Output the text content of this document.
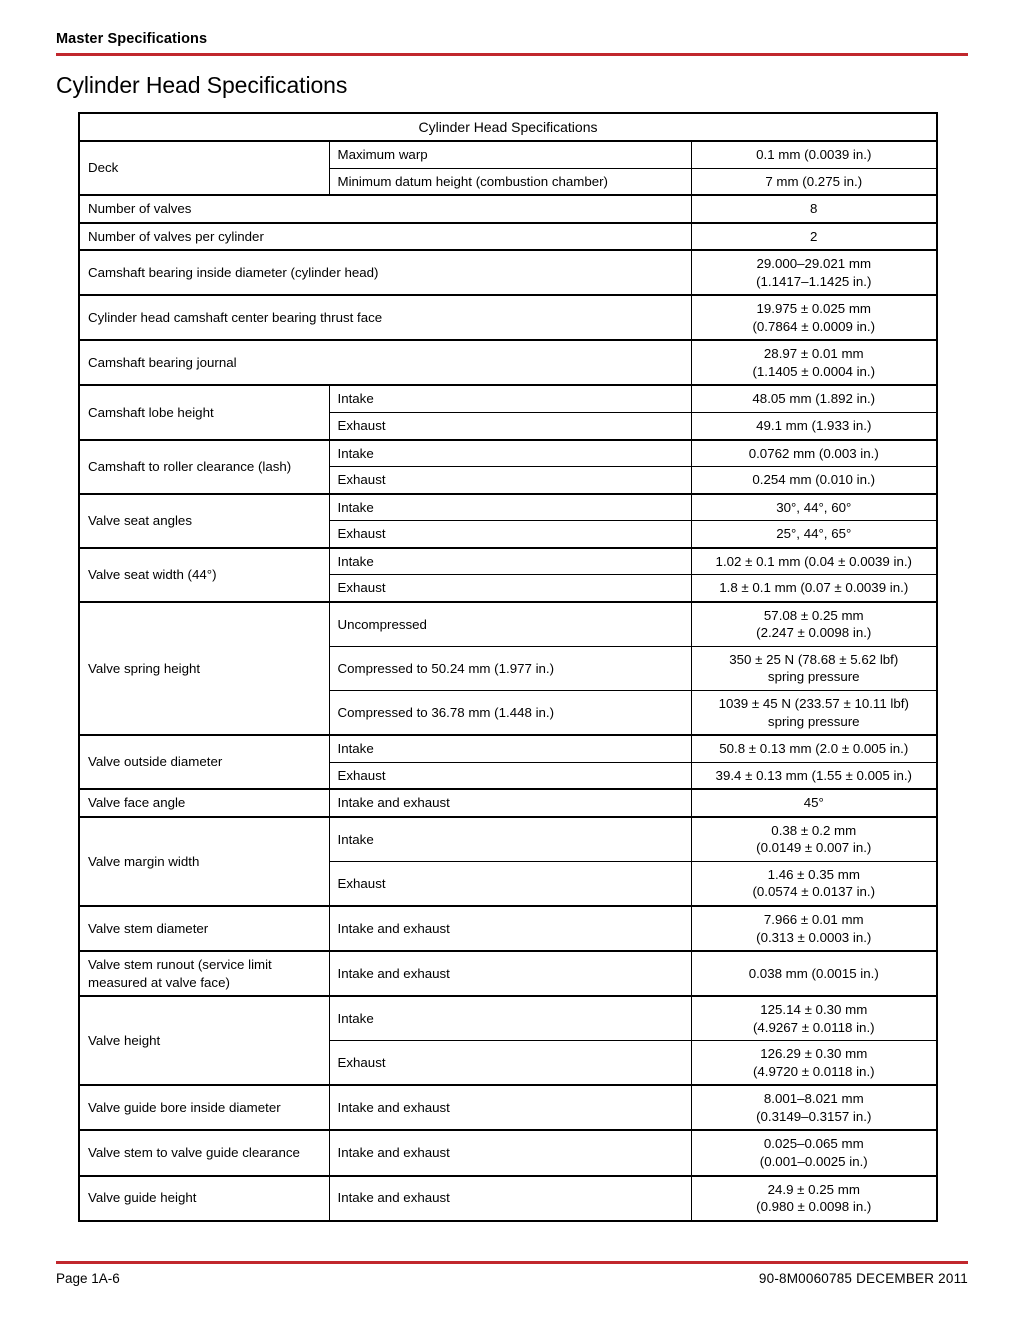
Master Specifications
Cylinder Head Specifications
Cylinder Head Specifications		
Deck	Maximum warp	0.1 mm (0.0039 in.)
	Minimum datum height (combustion chamber)	7 mm (0.275 in.)
Number of valves		8
Number of valves per cylinder		2
Camshaft bearing inside diameter (cylinder head)		29.000–29.021 mm
(1.1417–1.1425 in.)
Cylinder head camshaft center bearing thrust face		19.975 ± 0.025 mm
(0.7864 ± 0.0009 in.)
Camshaft bearing journal		28.97 ± 0.01 mm
(1.1405 ± 0.0004 in.)
Camshaft lobe height	Intake	48.05 mm (1.892 in.)
	Exhaust	49.1 mm (1.933 in.)
Camshaft to roller clearance (lash)	Intake	0.0762 mm (0.003 in.)
	Exhaust	0.254 mm (0.010 in.)
Valve seat angles	Intake	30°, 44°, 60°
	Exhaust	25°, 44°, 65°
Valve seat width (44°)	Intake	1.02 ± 0.1 mm (0.04 ± 0.0039 in.)
	Exhaust	1.8 ± 0.1 mm (0.07 ± 0.0039 in.)
Valve spring height	Uncompressed	57.08 ± 0.25 mm
(2.247 ± 0.0098 in.)
	Compressed to 50.24 mm (1.977 in.)	350 ± 25 N (78.68 ± 5.62 lbf)
spring pressure
	Compressed to 36.78 mm (1.448 in.)	1039 ± 45 N (233.57 ± 10.11 lbf)
spring pressure
Valve outside diameter	Intake	50.8 ± 0.13 mm (2.0 ± 0.005 in.)
	Exhaust	39.4 ± 0.13 mm (1.55 ± 0.005 in.)
Valve face angle	Intake and exhaust	45°
Valve margin width	Intake	0.38 ± 0.2 mm
(0.0149 ± 0.007 in.)
	Exhaust	1.46 ± 0.35 mm
(0.0574 ± 0.0137 in.)
Valve stem diameter	Intake and exhaust	7.966 ± 0.01 mm
(0.313 ± 0.0003 in.)
Valve stem runout (service limit measured at valve face)	Intake and exhaust	0.038 mm (0.0015 in.)
Valve height	Intake	125.14 ± 0.30 mm
(4.9267 ± 0.0118 in.)
	Exhaust	126.29 ± 0.30 mm
(4.9720 ± 0.0118 in.)
Valve guide bore inside diameter	Intake and exhaust	8.001–8.021 mm
(0.3149–0.3157 in.)
Valve stem to valve guide clearance	Intake and exhaust	0.025–0.065 mm
(0.001–0.0025 in.)
Valve guide height	Intake and exhaust	24.9 ± 0.25 mm
(0.980 ± 0.0098 in.)
Page 1A-6	90-8M0060785 DECEMBER 2011
